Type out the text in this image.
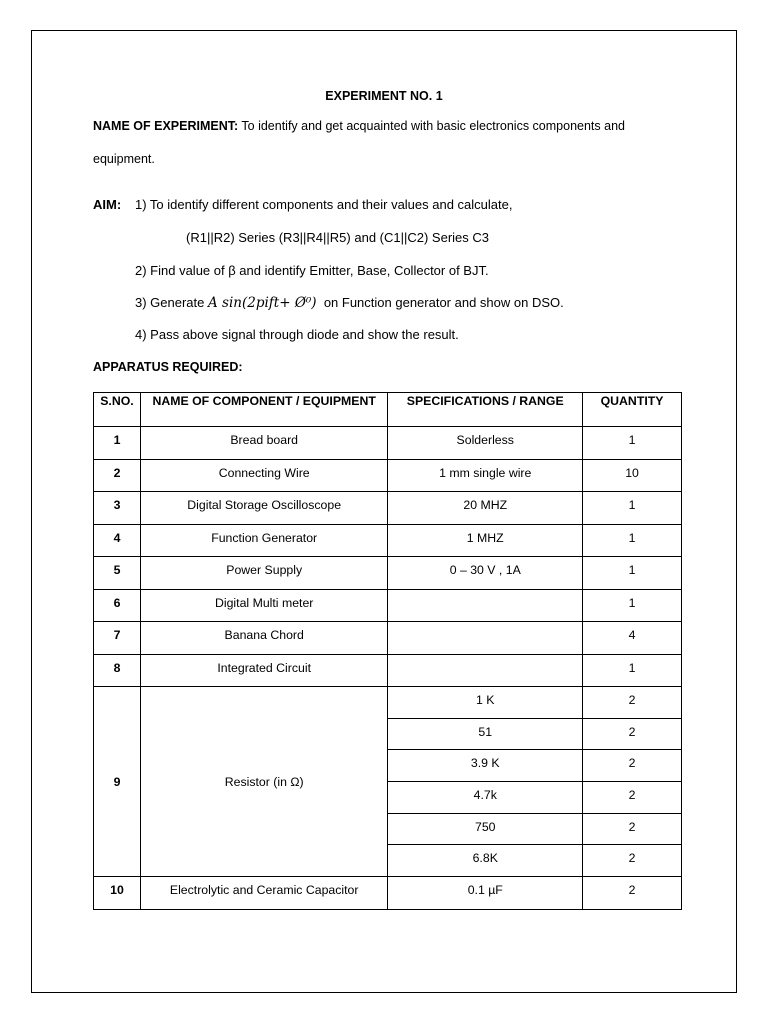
EXPERIMENT NO. 1
NAME OF EXPERIMENT: To identify and get acquainted with basic electronics components and
equipment.
AIM: 1) To identify different components and their values and calculate,
(R1||R2) Series (R3||R4||R5) and (C1||C2) Series C3
2) Find value of β and identify Emitter, Base, Collector of BJT.
3) Generate A sin(2pift+ Ø⁰) on Function generator and show on DSO.
4) Pass above signal through diode and show the result.
APPARATUS REQUIRED:
S.NO.	NAME OF COMPONENT / EQUIPMENT	SPECIFICATIONS / RANGE	QUANTITY
1	Bread board	Solderless	1
2	Connecting Wire	1 mm single wire	10
3	Digital Storage Oscilloscope	20 MHZ	1
4	Function Generator	1 MHZ	1
5	Power Supply	0 – 30 V , 1A	1
6	Digital Multi meter		1
7	Banana Chord		4
8	Integrated Circuit		1
9	Resistor (in Ω)	1 K	2
		51	2
		3.9 K	2
		4.7k	2
		750	2
		6.8K	2
10	Electrolytic and Ceramic Capacitor	0.1 µF	2
